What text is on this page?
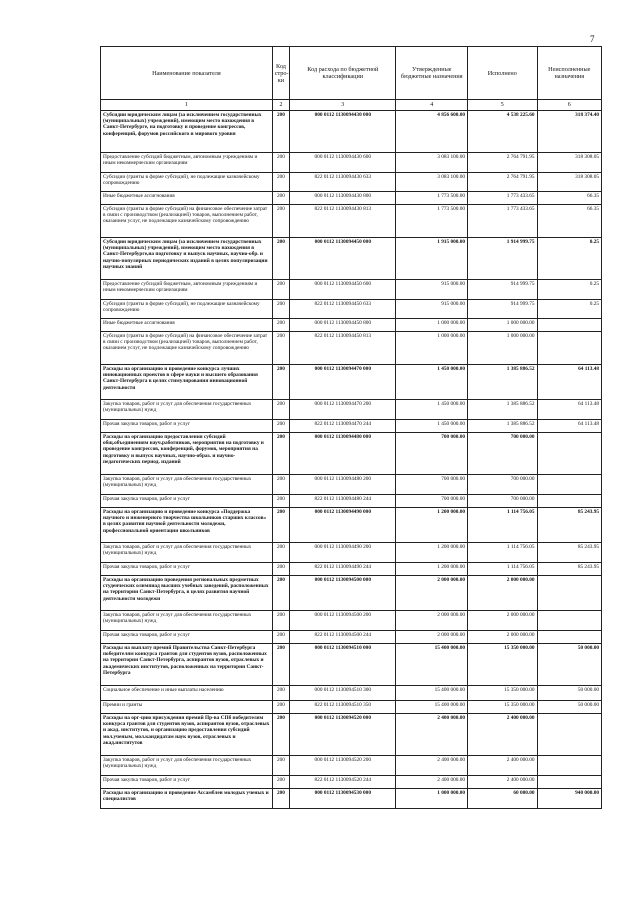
7
Наименование показателя	Код стро-ки	Код расхода по бюджетной классификации	Утвержденные бюджетные назначения	Исполнено	Неисполненные назначения
1	2	3	4	5	6
Субсидии юридическим лицам (за исключением государственных (муниципальных) учреждений), имеющим место нахождения в Санкт-Петербурге, на подготовку и проведение конгрессов, конференций, форумов российского и мирового уровня	200	000 0112 1130094430 000	4 856 600.00	4 538 225.60	318 374.40
Предоставление субсидий бюджетным, автономным учреждениям и иным некоммерческим организациям	200	000 0112 1130094430 600	3 083 100.00	2 764 791.95	318 308.05
Субсидии (гранты в форме субсидий), не подлежащие казначейскому сопровождению	200	822 0112 1130094430 633	3 083 100.00	2 764 791.95	318 308.05
Иные бюджетные ассигнования	200	000 0112 1130094430 800	1 773 500.00	1 773 433.65	66.35
Субсидии (гранты в форме субсидий) на финансовое обеспечение затрат в связи с производством (реализацией) товаров, выполнением работ, оказанием услуг, не подлежащие казначейскому сопровождению	200	822 0112 1130094430 813	1 773 500.00	1 773 433.65	66.35
Субсидии юридическим лицам (за исключением государственных (муниципальных) учреждений), имеющим место нахождения в Санкт-Петербурге,на подготовку и выпуск научных, научно-обр. и научно-популярных периодических изданий в целях популяризации научных знаний	200	000 0112 1130094450 000	1 915 000.00	1 914 999.75	0.25
Предоставление субсидий бюджетным, автономным учреждениям и иным некоммерческим организациям	200	000 0112 1130094450 600	915 000.00	914 999.75	0.25
Субсидии (гранты в форме субсидий), не подлежащие казначейскому сопровождению	200	822 0112 1130094450 633	915 000.00	914 999.75	0.25
Иные бюджетные ассигнования	200	000 0112 1130094450 800	1 000 000.00	1 000 000.00	
Субсидии (гранты в форме субсидий) на финансовое обеспечение затрат в связи с производством (реализацией) товаров, выполнением работ, оказанием услуг, не подлежащие казначейскому сопровождению	200	822 0112 1130094450 813	1 000 000.00	1 000 000.00	
Расходы на организацию и проведение конкурса лучших инновационных проектов в сфере науки и высшего образования Санкт-Петербурга в целях стимулирования инновационной деятельности	200	000 0112 1130094470 000	1 450 000.00	1 385 886.52	64 113.48
Закупка товаров, работ и услуг для обеспечения государственных (муниципальных) нужд	200	000 0112 1130094470 200	1 450 000.00	1 385 886.52	64 113.48
Прочая закупка товаров, работ и услуг	200	822 0112 1130094470 244	1 450 000.00	1 385 886.52	64 113.48
Расходы на организацию предоставления субсидий общ.объединениям науч.работников, мероприятия на подготовку и проведение конгрессов, конференций, форумов, мероприятия на подготовку и выпуск научных, научно-образ. и научно-педагогических период. изданий	200	000 0112 1130094480 000	700 000.00	700 000.00	
Закупка товаров, работ и услуг для обеспечения государственных (муниципальных) нужд	200	000 0112 1130094480 200	700 000.00	700 000.00	
Прочая закупка товаров, работ и услуг	200	822 0112 1130094480 244	700 000.00	700 000.00	
Расходы на организацию и проведение конкурса «Поддержка научного и инженерного творчества школьников старших классов» в целях развития научной деятельности молодежи, профессиональной ориентации школьников	200	000 0112 1130094490 000	1 200 000.00	1 114 756.05	85 243.95
Закупка товаров, работ и услуг для обеспечения государственных (муниципальных) нужд	200	000 0112 1130094490 200	1 200 000.00	1 114 756.05	85 243.95
Прочая закупка товаров, работ и услуг	200	822 0112 1130094490 244	1 200 000.00	1 114 756.05	85 243.95
Расходы на организацию проведения региональных предметных студенческих олимпиад высших учебных заведений, расположенных на территории Санкт-Петербурга, в целях развития научной деятельности молодежи	200	000 0112 1130094500 000	2 000 000.00	2 000 000.00	
Закупка товаров, работ и услуг для обеспечения государственных (муниципальных) нужд	200	000 0112 1130094500 200	2 000 000.00	2 000 000.00	
Прочая закупка товаров, работ и услуг	200	822 0112 1130094500 244	2 000 000.00	2 000 000.00	
Расходы на выплату премий Правительства Санкт-Петербурга победителям конкурса грантов для студентов вузов, расположенных на территории Санкт-Петербурга, аспирантов вузов, отраслевых и академических институтов, расположенных на территории Санкт-Петербурга	200	000 0112 1130094510 000	15 400 000.00	15 350 000.00	50 000.00
Социальное обеспечение и иные выплаты населению	200	000 0112 1130094510 300	15 400 000.00	15 350 000.00	50 000.00
Премии и гранты	200	822 0112 1130094510 350	15 400 000.00	15 350 000.00	50 000.00
Расходы на орг-цию присуждения премий Пр-ва СПб победителям конкурса грантов для студентов вузов, аспирантов вузов, отраслевых и акад. институтов, и организацию предоставления субсидий мол.ученым, мол.кандидатам наук вузов, отраслевых и акад.институтов	200	000 0112 1130094520 000	2 400 000.00	2 400 000.00	
Закупка товаров, работ и услуг для обеспечения государственных (муниципальных) нужд	200	000 0112 1130094520 200	2 400 000.00	2 400 000.00	
Прочая закупка товаров, работ и услуг	200	822 0112 1130094520 244	2 400 000.00	2 400 000.00	
Расходы на организацию и проведение Ассамблеи молодых ученых и специалистов	200	000 0112 1130094530 000	1 000 000.00	60 000.00	940 000.00
